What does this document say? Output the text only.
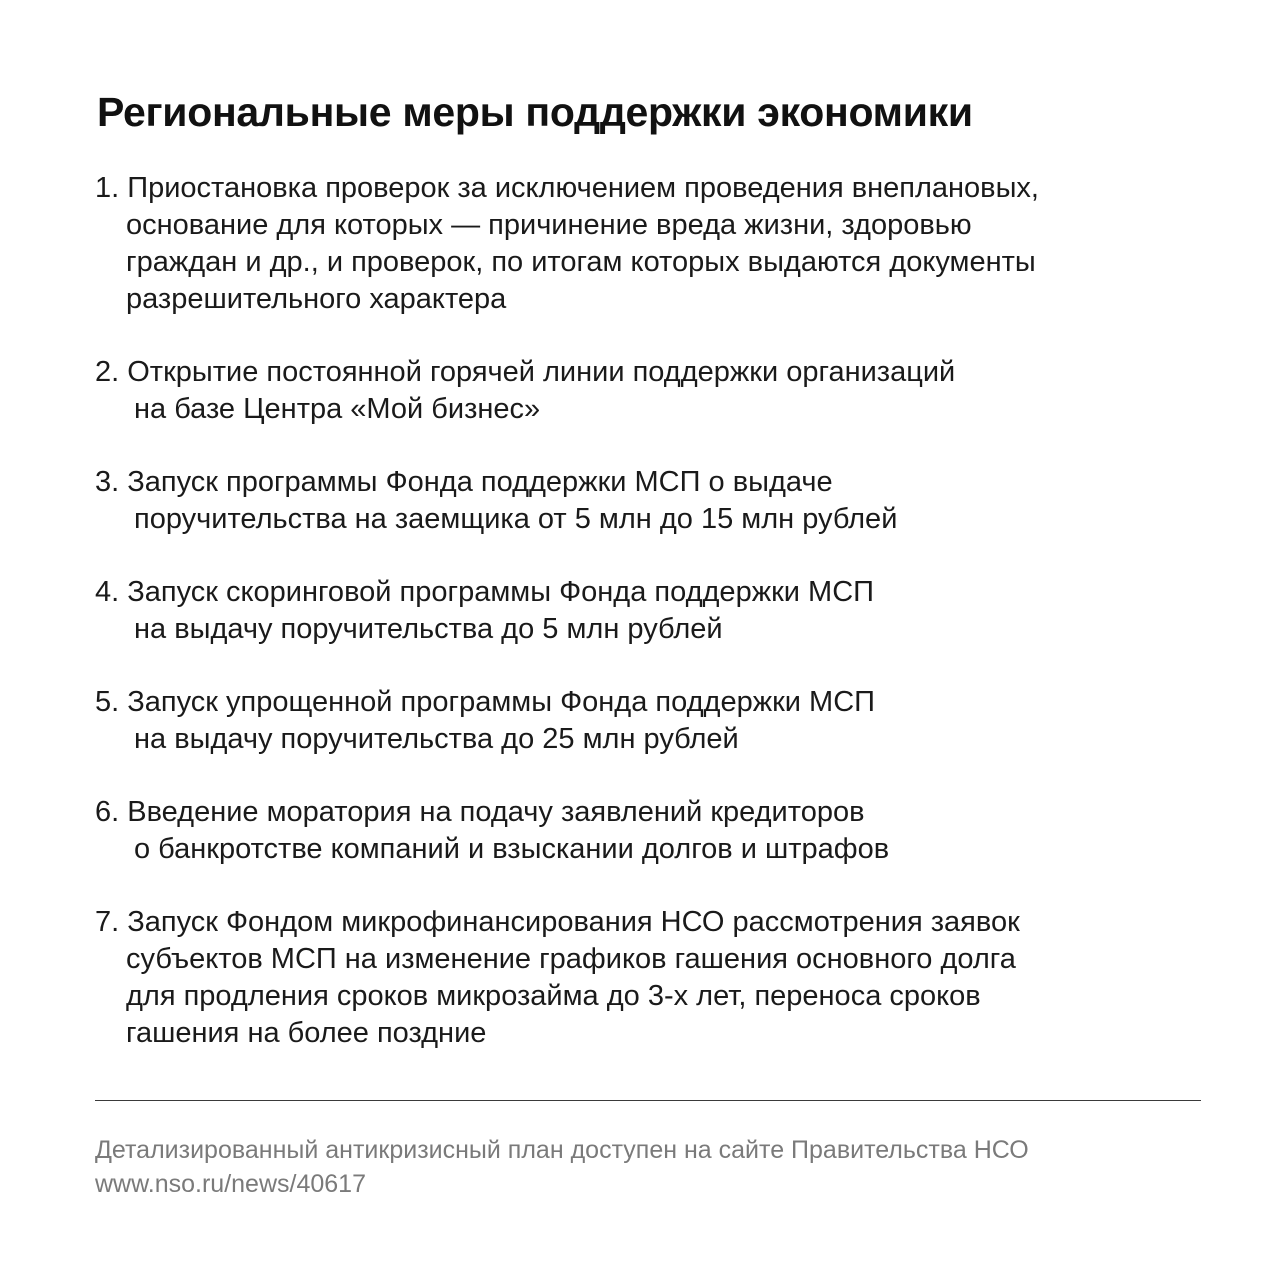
Региональные меры поддержки экономики
1. Приостановка проверок за исключением проведения внеплановых,
основание для которых — причинение вреда жизни, здоровью
граждан и др., и проверок, по итогам которых выдаются документы
разрешительного характера
2. Открытие постоянной горячей линии поддержки организаций
на базе Центра «Мой бизнес»
3. Запуск программы Фонда поддержки МСП о выдаче
поручительства на заемщика от 5 млн до 15 млн рублей
4. Запуск скоринговой программы Фонда поддержки МСП
на выдачу поручительства до 5 млн рублей
5. Запуск упрощенной программы Фонда поддержки МСП
на выдачу поручительства до 25 млн рублей
6. Введение моратория на подачу заявлений кредиторов
о банкротстве компаний и взыскании долгов и штрафов
7. Запуск Фондом микрофинансирования НСО рассмотрения заявок
субъектов МСП на изменение графиков гашения основного долга
для продления сроков микрозайма до 3-х лет, переноса сроков
гашения на более поздние
Детализированный антикризисный план доступен на сайте Правительства НСО
www.nso.ru/news/40617
